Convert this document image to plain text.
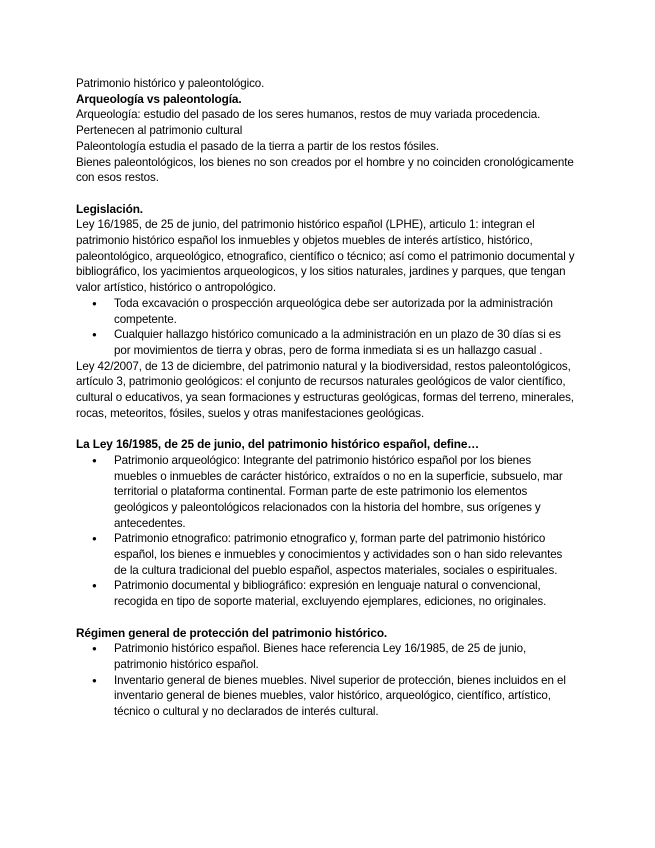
Patrimonio histórico y paleontológico.

Arqueología vs paleontología.

Arqueología: estudio del pasado de los seres humanos, restos de muy variada procedencia.

Pertenecen al patrimonio cultural

Paleontología estudia el pasado de la tierra a partir de los restos fósiles.

Bienes paleontológicos, los bienes no son creados por el hombre y no coinciden cronológicamente con esos restos.

Legislación.

Ley 16/1985, de 25 de junio, del patrimonio histórico español (LPHE), articulo 1: integran el patrimonio histórico español los inmuebles y objetos muebles de interés artístico, histórico, paleontológico, arqueológico, etnografico, científico o técnico; así como el patrimonio documental y bibliográfico, los yacimientos arqueologicos, y los sitios naturales, jardines y parques, que tengan valor artístico, histórico o antropológico.

● Toda excavación o prospección arqueológica debe ser autorizada por la administración competente.
● Cualquier hallazgo histórico comunicado a la administración en un plazo de 30 días si es por movimientos de tierra y obras, pero de forma inmediata si es un hallazgo casual .

Ley 42/2007, de 13 de diciembre, del patrimonio natural y la biodiversidad, restos paleontológicos, artículo 3, patrimonio geológicos: el conjunto de recursos naturales geológicos de valor científico, cultural o educativos, ya sean formaciones y estructuras geológicas, formas del terreno, minerales, rocas, meteoritos, fósiles, suelos y otras manifestaciones geológicas.

La Ley 16/1985, de 25 de junio, del patrimonio histórico español, define…
● Patrimonio arqueológico: Integrante del patrimonio histórico español por los bienes muebles o inmuebles de carácter histórico, extraídos o no en la superficie, subsuelo, mar territorial o plataforma continental. Forman parte de este patrimonio los elementos geológicos y paleontológicos relacionados con la historia del hombre, sus orígenes y antecedentes.
● Patrimonio etnografico: patrimonio etnografico y, forman parte del patrimonio histórico español, los bienes e inmuebles y conocimientos y actividades son o han sido relevantes de la cultura tradicional del pueblo español, aspectos materiales, sociales o espirituales.
● Patrimonio documental y bibliográfico: expresión en lenguaje natural o convencional, recogida en tipo de soporte material, excluyendo ejemplares, ediciones, no originales.
Régimen general de protección del patrimonio histórico.
● Patrimonio histórico español. Bienes hace referencia Ley 16/1985, de 25 de junio, patrimonio histórico español.
● Inventario general de bienes muebles. Nivel superior de protección, bienes incluidos en el inventario general de bienes muebles, valor histórico, arqueológico, científico, artístico, técnico o cultural y no declarados de interés cultural.
